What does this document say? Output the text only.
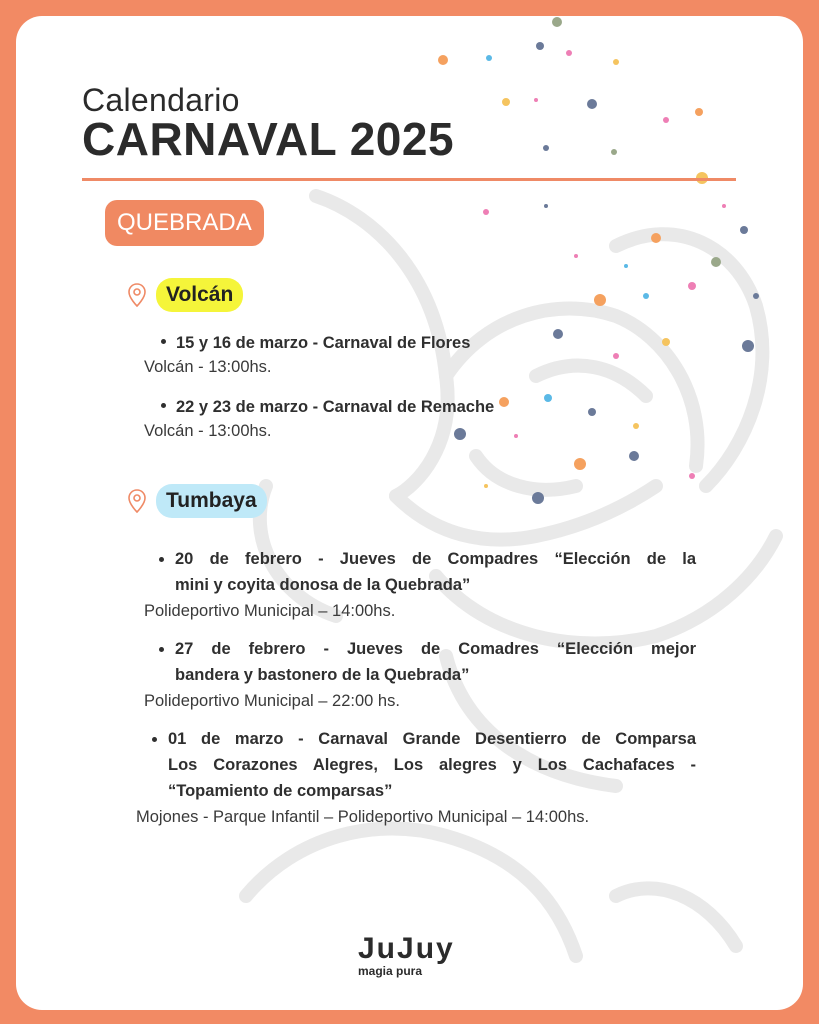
Calendario
CARNAVAL 2025
QUEBRADA
Volcán
15 y 16 de marzo - Carnaval de Flores
Volcán - 13:00hs.
22 y 23 de marzo - Carnaval de Remache
Volcán - 13:00hs.
Tumbaya
20 de febrero - Jueves de Compadres “Elección de la
mini y coyita donosa de la Quebrada”
Polideportivo Municipal – 14:00hs.
27 de febrero - Jueves de Comadres “Elección mejor
bandera y bastonero de la Quebrada”
Polideportivo Municipal – 22:00 hs.
01 de marzo - Carnaval Grande Desentierro de Comparsa
Los Corazones Alegres, Los alegres y Los Cachafaces -
“Topamiento de comparsas”
Mojones - Parque Infantil – Polideportivo Municipal – 14:00hs.
JuJuy
magia pura
